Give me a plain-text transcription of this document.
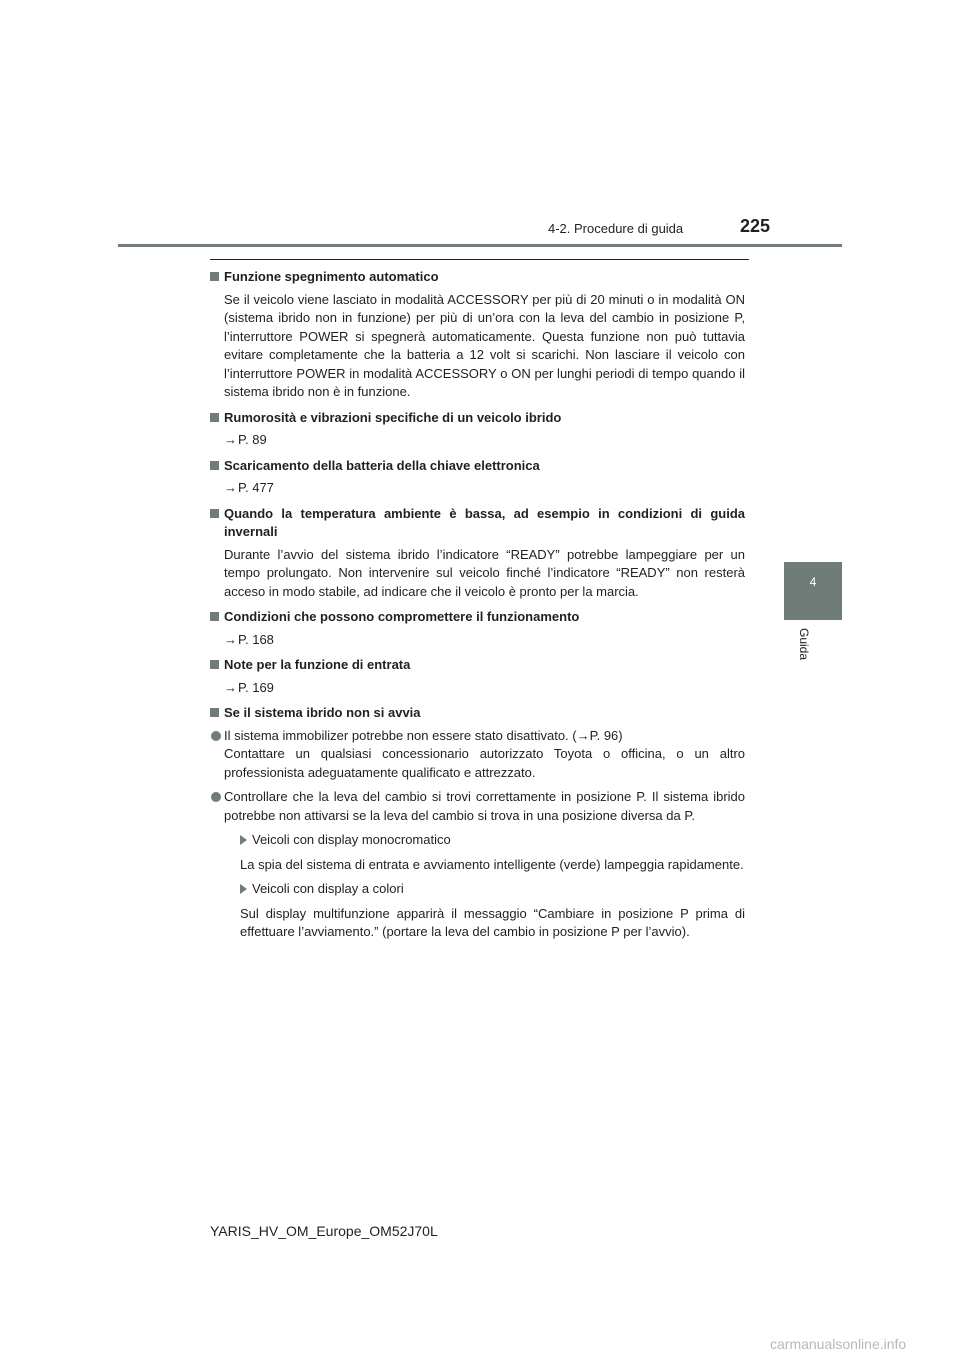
4-2. Procedure di guida	225
4
Guida
Funzione spegnimento automatico
Se il veicolo viene lasciato in modalità ACCESSORY per più di 20 minuti o in modalità ON (sistema ibrido non in funzione) per più di un’ora con la leva del cambio in posizione P, l’interruttore POWER si spegnerà automaticamente. Questa funzione non può tuttavia evitare completamente che la batteria a 12 volt si scarichi. Non lasciare il veicolo con l’interruttore POWER in modalità ACCESSORY o ON per lunghi periodi di tempo quando il sistema ibrido non è in funzione.
Rumorosità e vibrazioni specifiche di un veicolo ibrido
→P. 89
Scaricamento della batteria della chiave elettronica
→P. 477
Quando la temperatura ambiente è bassa, ad esempio in condizioni di guida invernali
Durante l’avvio del sistema ibrido l’indicatore “READY” potrebbe lampeggiare per un tempo prolungato. Non intervenire sul veicolo finché l’indicatore “READY” non resterà acceso in modo stabile, ad indicare che il veicolo è pronto per la marcia.
Condizioni che possono compromettere il funzionamento
→P. 168
Note per la funzione di entrata
→P. 169
Se il sistema ibrido non si avvia
Il sistema immobilizer potrebbe non essere stato disattivato. (→P. 96)
Contattare un qualsiasi concessionario autorizzato Toyota o officina, o un altro professionista adeguatamente qualificato e attrezzato.
Controllare che la leva del cambio si trovi correttamente in posizione P. Il sistema ibrido potrebbe non attivarsi se la leva del cambio si trova in una posizione diversa da P.
Veicoli con display monocromatico
La spia del sistema di entrata e avviamento intelligente (verde) lampeggia rapidamente.
Veicoli con display a colori
Sul display multifunzione apparirà il messaggio “Cambiare in posizione P prima di effettuare l’avviamento.” (portare la leva del cambio in posizione P per l’avvio).
YARIS_HV_OM_Europe_OM52J70L
carmanualsonline.info
